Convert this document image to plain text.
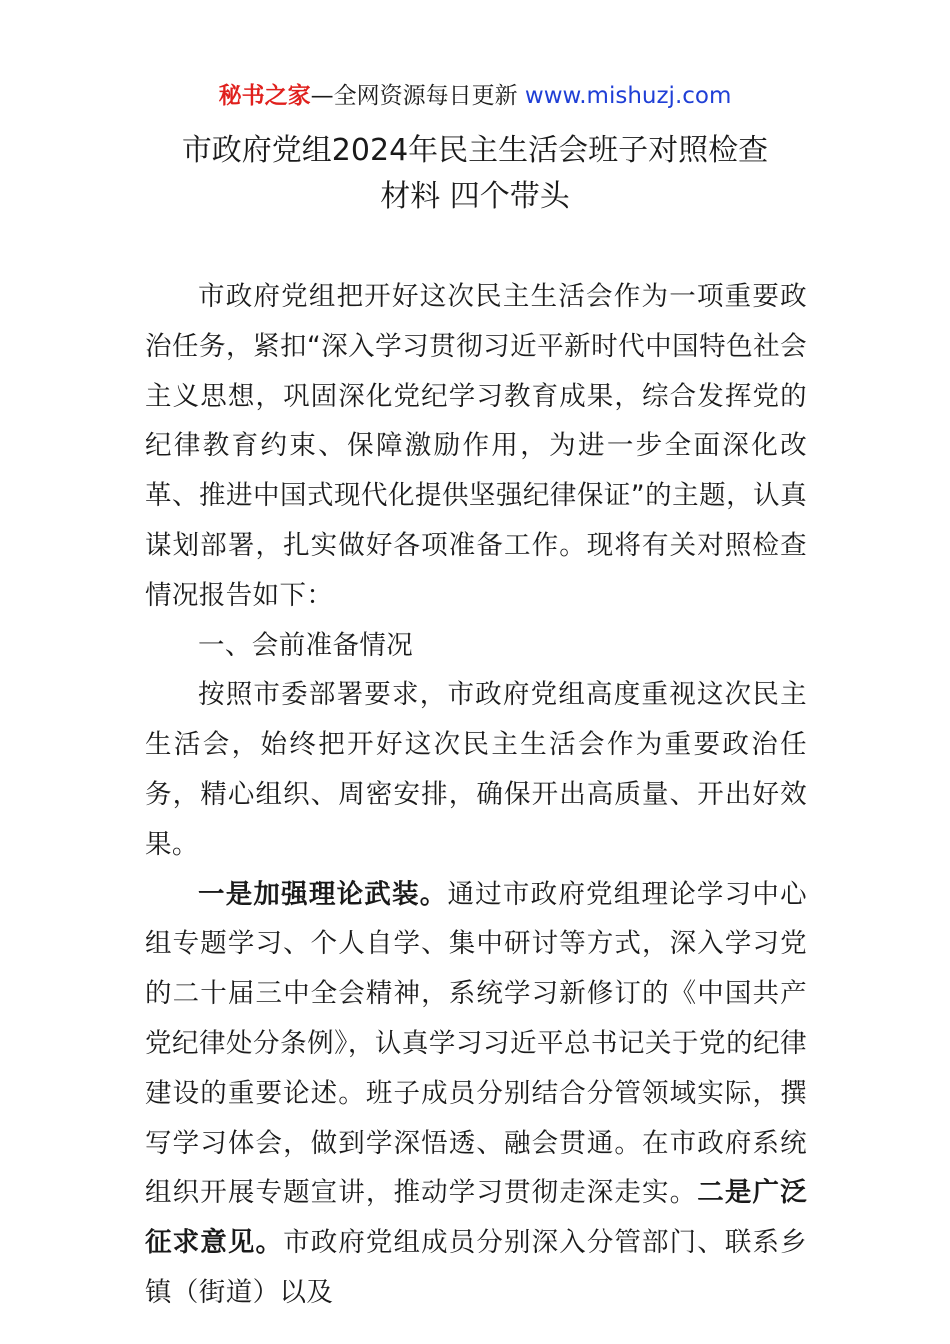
秘书之家—全网资源每日更新 www.mishuzj.com
市政府党组2024年民主生活会班子对照检查
材料 四个带头

市政府党组把开好这次民主生活会作为一项重要政治任务，紧扣“深入学习贯彻习近平新时代中国特色社会主义思想，巩固深化党纪学习教育成果，综合发挥党的纪律教育约束、保障激励作用，为进一步全面深化改革、推进中国式现代化提供坚强纪律保证”的主题，认真谋划部署，扎实做好各项准备工作。现将有关对照检查情况报告如下：

一、会前准备情况

按照市委部署要求，市政府党组高度重视这次民主生活会，始终把开好这次民主生活会作为重要政治任务，精心组织、周密安排，确保开出高质量、开出好效果。

一是加强理论武装。通过市政府党组理论学习中心组专题学习、个人自学、集中研讨等方式，深入学习党的二十届三中全会精神，系统学习新修订的《中国共产党纪律处分条例》，认真学习习近平总书记关于党的纪律建设的重要论述。班子成员分别结合分管领域实际，撰写学习体会，做到学深悟透、融会贯通。在市政府系统组织开展专题宣讲，推动学习贯彻走深走实。二是广泛征求意见。市政府党组成员分别深入分管部门、联系乡镇（街道）以及
